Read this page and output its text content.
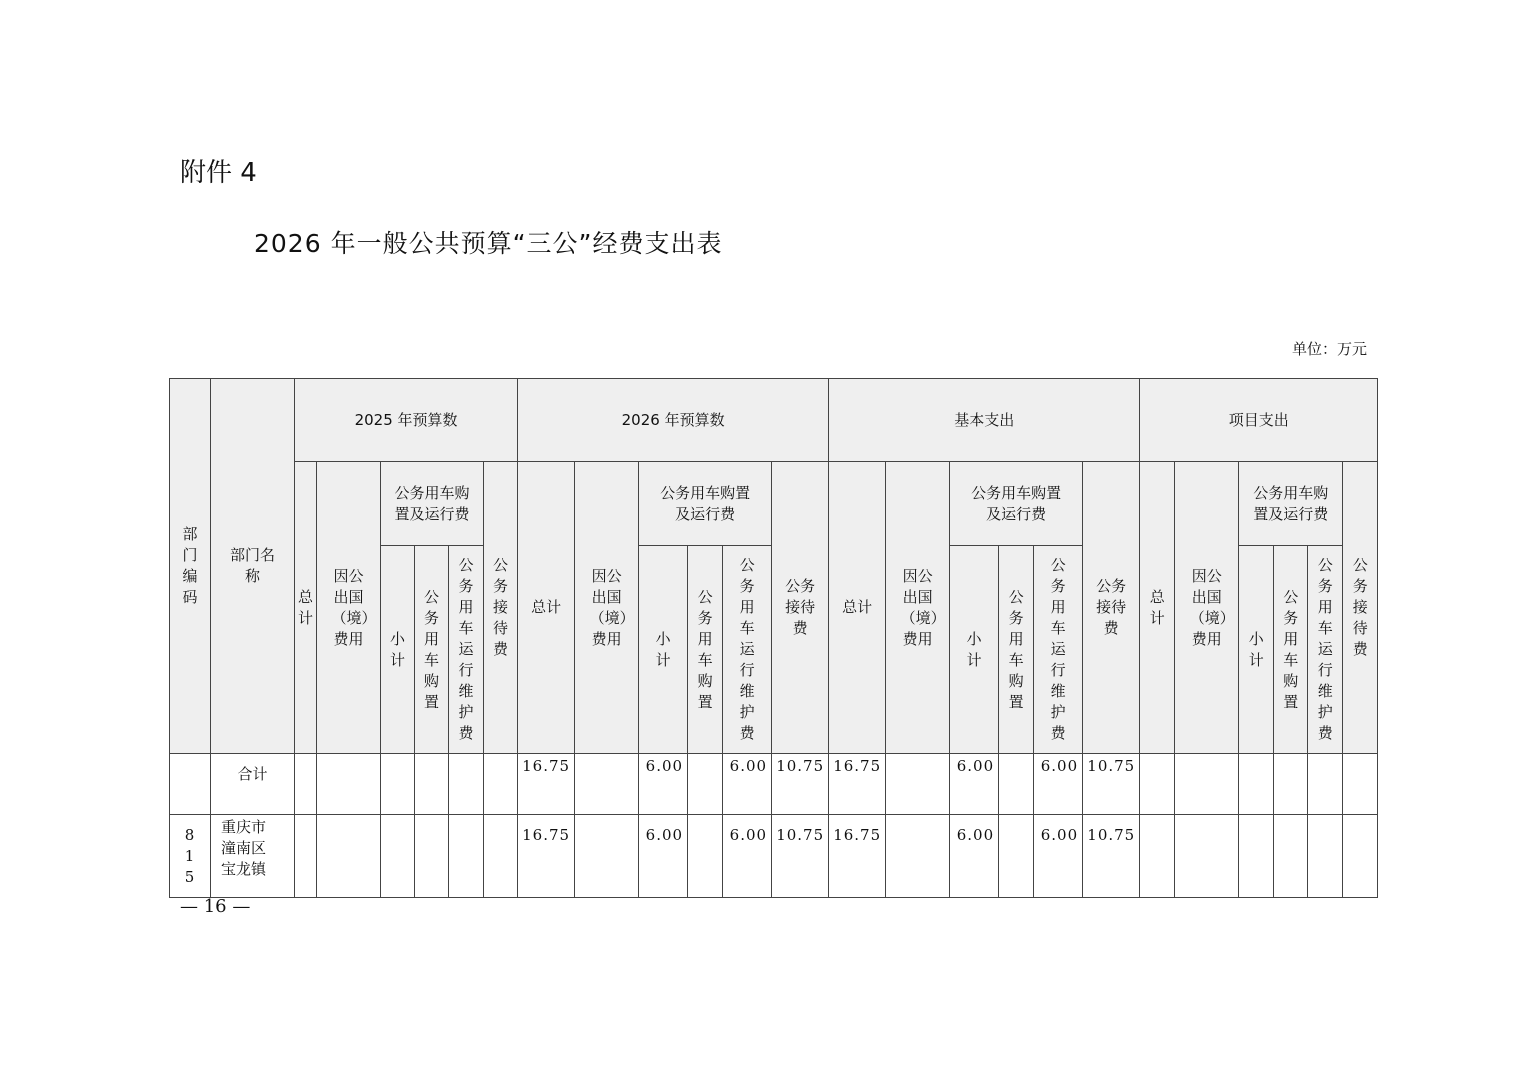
附件 4
2026 年一般公共预算“三公”经费支出表
单位：万元
部门编码	部门名称	2025 年预算数						2026 年预算数						基本支出						项目支出					
		总计	因公出国（境）费用	公务用车购置及运行费			公务接待费	总计	因公出国（境）费用	公务用车购置及运行费			公务接待费	总计	因公出国（境）费用	公务用车购置及运行费			公务接待费	总 计	因公出国（境）费用	公务用车购置及运行费			公务接待费
				小计	公务用车购置	公务用车运行维护费				小计	公务用车购置	公务用车运行维护费				小计	公务用车购置	公务用车运行维护费				小计	公务用车购置	公务用车运行维护费	
	合计							16.75		6.00		6.00	10.75	16.75		6.00		6.00	10.75						
815	重庆市潼南区宝龙镇							16.75		6.00		6.00	10.75	16.75		6.00		6.00	10.75						
— 16 —
